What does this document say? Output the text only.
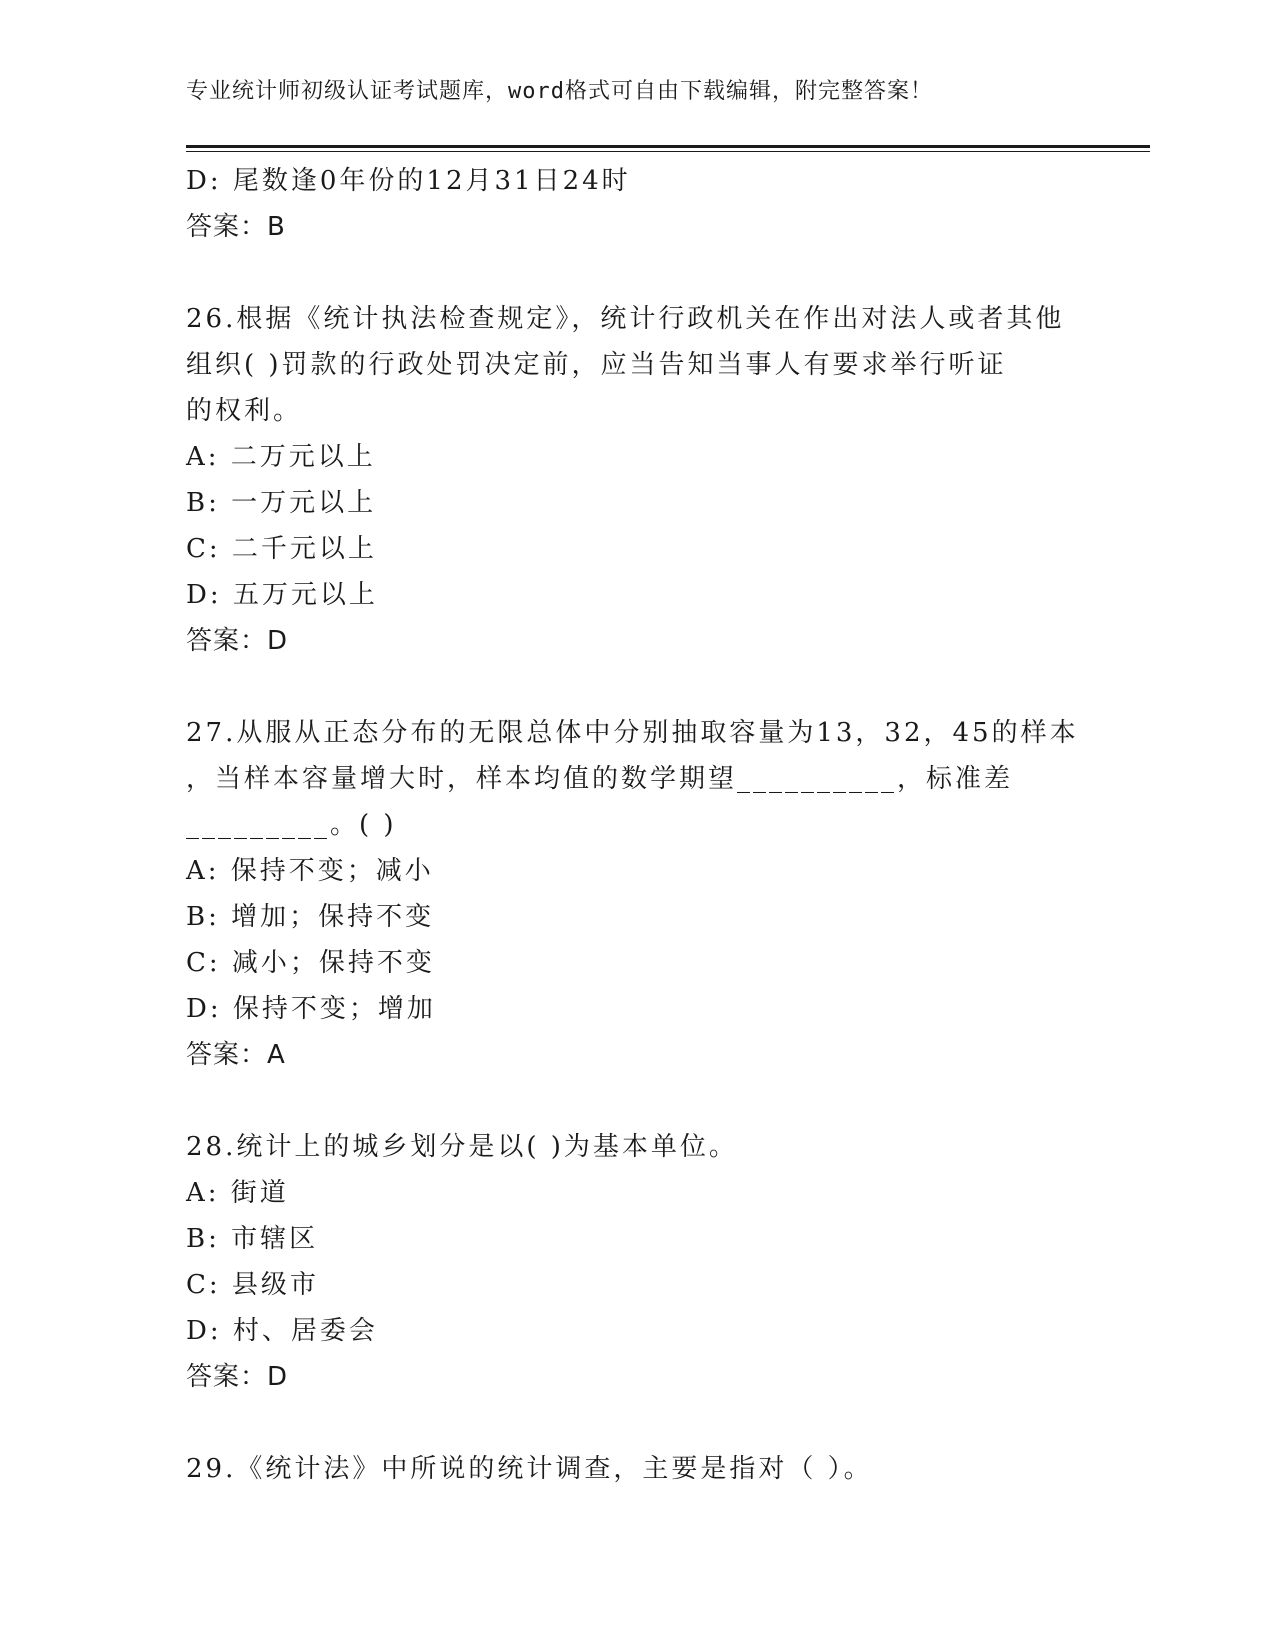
专业统计师初级认证考试题库，word格式可自由下载编辑，附完整答案！
D: 尾数逢0年份的12月31日24时
答案：B
26.根据《统计执法检查规定》，统计行政机关在作出对法人或者其他
组织( )罚款的行政处罚决定前，应当告知当事人有要求举行听证
的权利。
A: 二万元以上
B: 一万元以上
C: 二千元以上
D: 五万元以上
答案：D
27.从服从正态分布的无限总体中分别抽取容量为13，32，45的样本
，当样本容量增大时，样本均值的数学期望__________，标准差
_________。( )
A: 保持不变；减小
B: 增加；保持不变
C: 减小；保持不变
D: 保持不变；增加
答案：A
28.统计上的城乡划分是以( )为基本单位。
A: 街道
B: 市辖区
C: 县级市
D: 村、居委会
答案：D
29.《统计法》中所说的统计调查，主要是指对（ ）。
